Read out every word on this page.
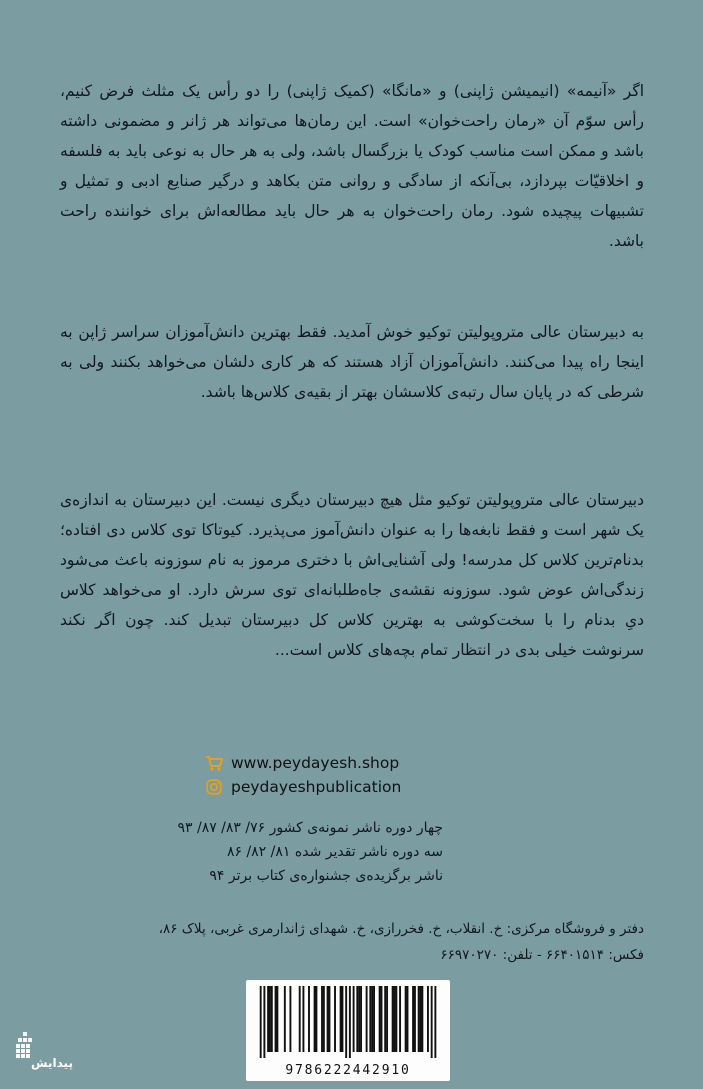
اگر «آنیمه» (انیمیشن ژاپنی) و «مانگا» (کمیک ژاپنی) را دو رأس یک مثلث فرض کنیم، رأس سوّم آن «رمان راحت‌خوان» است. این رمان‌ها می‌تواند هر ژانر و مضمونی داشته باشد و ممکن است مناسب کودک یا بزرگسال باشد، ولی به هر حال به نوعی باید به فلسفه و اخلاقیّات بپردازد، بی‌آنکه از سادگی و روانی متن بکاهد و درگیر صنایع ادبی و تمثیل و تشبیهات پیچیده شود. رمان راحت‌خوان به هر حال باید مطالعه‌اش برای خواننده راحت باشد.

به دبیرستان عالی متروپولیتن توکیو خوش آمدید. فقط بهترین دانش‌آموزان سراسر ژاپن به اینجا راه پیدا می‌کنند. دانش‌آموزان آزاد هستند که هر کاری دلشان می‌خواهد بکنند ولی به شرطی که در پایان سال رتبه‌ی کلاسشان بهتر از بقیه‌ی کلاس‌ها باشد.

دبیرستان عالی متروپولیتن توکیو مثل هیچ دبیرستان دیگری نیست. این دبیرستان به اندازه‌ی یک شهر است و فقط نابغه‌ها را به عنوان دانش‌آموز می‌پذیرد. کیوتاکا توی کلاس دی افتاده؛ بدنام‌ترین کلاس کل مدرسه! ولی آشنایی‌اش با دختری مرموز به نام سوزونه باعث می‌شود زندگی‌اش عوض شود. سوزونه نقشه‌ی جاه‌طلبانه‌ای توی سرش دارد. او می‌خواهد کلاس دیِ بدنام را با سخت‌کوشی به بهترین کلاس کل دبیرستان تبدیل کند. چون اگر نکند سرنوشت خیلی بدی در انتظار تمام بچه‌های کلاس است...

www.peydayesh.shop
peydayeshpublication
چهار دوره ناشر نمونه‌ی کشور ۷۶/ ۸۳/ ۸۷/ ۹۳
سه دوره ناشر تقدیر شده ۸۱/ ۸۲/ ۸۶
ناشر برگزیده‌ی جشنواره‌ی کتاب برتر ۹۴
دفتر و فروشگاه مرکزی: خ. انقلاب، خ. فخررازی، خ. شهدای ژاندارمری غربی، پلاک ۸۶،
فکس: ۶۶۴۰۱۵۱۴ - تلفن: ۶۶۹۷۰۲۷۰
9786222442910
پیدایش
